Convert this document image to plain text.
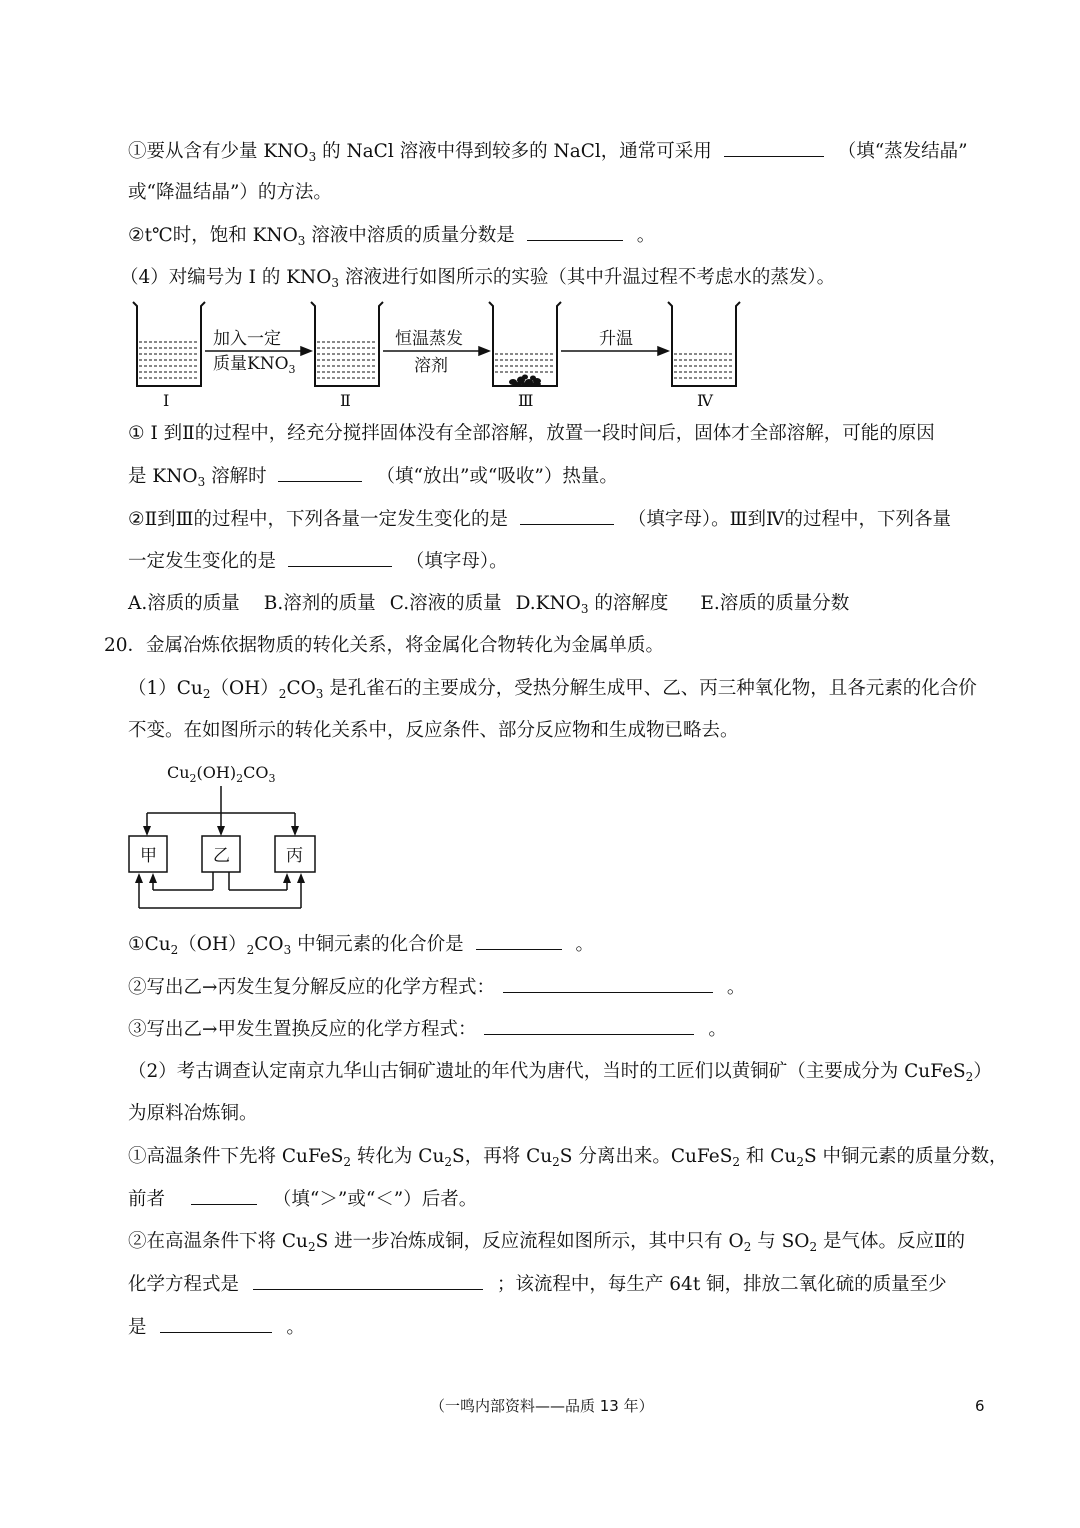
①要从含有少量 $KNO_3$ 的 NaCl 溶液中得到较多的 NaCl，通常可采用	（填“蒸发结晶”
或“降温结晶”）的方法。
②t℃时，饱和 $KNO_3$ 溶液中溶质的质量分数是	。
（4）对编号为 Ⅰ 的 $KNO_3$ 溶液进行如图所示的实验（其中升温过程不考虑水的蒸发）。
加入一定
质量$KNO_3$
恒温蒸发
溶剂
升温
Ⅰ	Ⅱ	Ⅲ	Ⅳ
① Ⅰ 到Ⅱ的过程中，经充分搅拌固体没有全部溶解，放置一段时间后，固体才全部溶解，可能的原因
是 $KNO_3$ 溶解时	（填“放出”或“吸收”）热量。
②Ⅱ到Ⅲ的过程中，下列各量一定发生变化的是	（填字母）。Ⅲ到Ⅳ的过程中，下列各量
一定发生变化的是	（填字母）。
A.溶质的质量 B.溶剂的质量 C.溶液的质量 $D.KNO_3$ 的溶解度 E.溶质的质量分数
20．金属冶炼依据物质的转化关系，将金属化合物转化为金属单质。
$(1)Cu_2(OH)_2CO_3$ 是孔雀石的主要成分，受热分解生成甲、乙、丙三种氧化物，且各元素的化合价
不变。在如图所示的转化关系中，反应条件、部分反应物和生成物已略去。
$Cu_2(OH)_2CO_3$
甲	乙	丙
$①Cu_2(OH)_2CO_3$ 中铜元素的化合价是	。
②写出乙→丙发生复分解反应的化学方程式：	。
③写出乙→甲发生置换反应的化学方程式：	。
（2）考古调查认定南京九华山古铜矿遗址的年代为唐代，当时的工匠们以黄铜矿（主要成分为 CuFeS$_2$）
为原料冶炼铜。
①高温条件下先将 CuFeS$_2$ 转化为 $Cu_2S$，再将 $Cu_2S$ 分离出来。CuFeS$_2$ 和 $Cu_2S$ 中铜元素的质量分数，
前者	（填“＞”或“＜”）后者。
②在高温条件下将 $Cu_2S$ 进一步冶炼成铜，反应流程如图所示，其中只有 $O_2$ 与 $SO_2$ 是气体。反应Ⅱ的
化学方程式是	；该流程中，每生产 64t 铜，排放二氧化硫的质量至少
是	。
（一鸣内部资料——品质 13 年）	6
